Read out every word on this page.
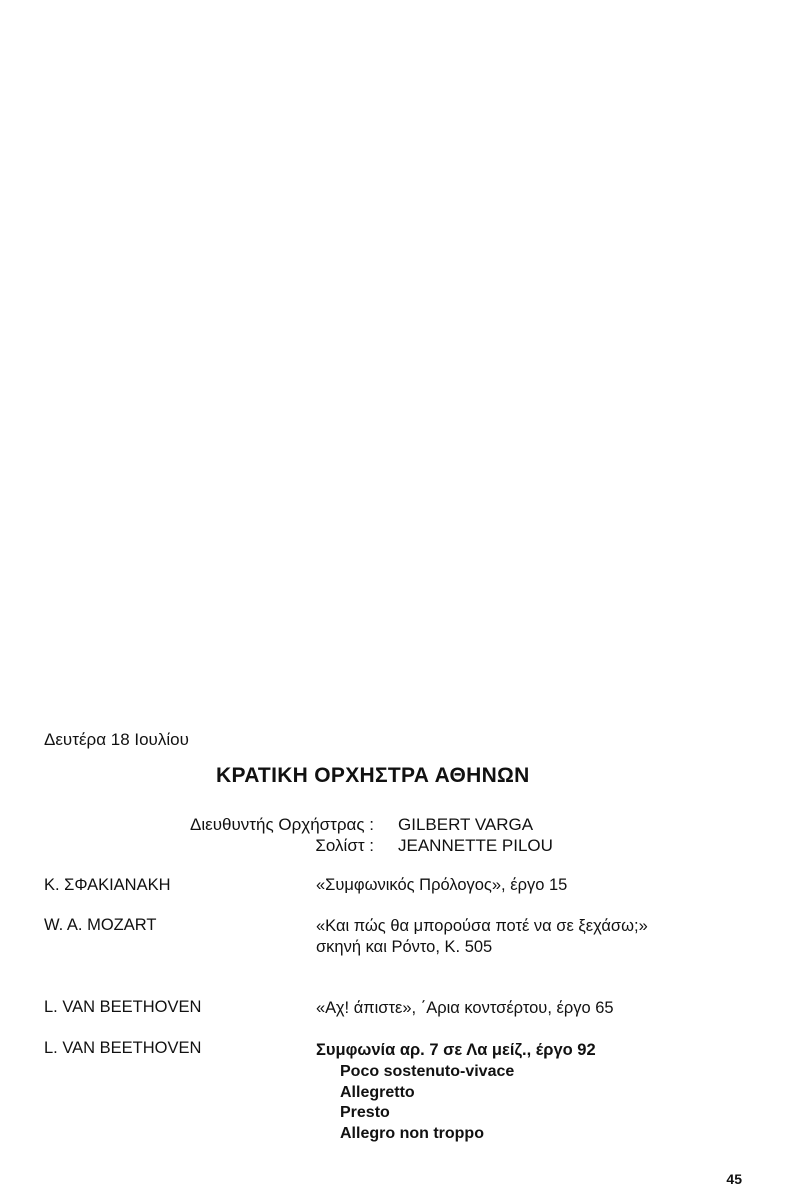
Δευτέρα 18 Ιουλίου
ΚΡΑΤΙΚΗ ΟΡΧΗΣΤΡΑ ΑΘΗΝΩΝ
Διευθυντής Ορχήστρας : GILBERT VARGA
Σολίστ : JEANNETTE PILOU
Κ. ΣΦΑΚΙΑΝΑΚΗ	«Συμφωνικός Πρόλογος», έργο 15
W. A. MOZART	«Και πώς θα μπορούσα ποτέ να σε ξεχάσω;»
σκηνή και Ρόντο, Κ. 505
L. VAN BEETHOVEN	«Αχ! άπιστε», ΄Αρια κοντσέρτου, έργο 65
L. VAN BEETHOVEN	Συμφωνία αρ. 7 σε Λα μείζ., έργο 92
Poco sostenuto-vivace
Allegretto
Presto
Allegro non troppo
45
